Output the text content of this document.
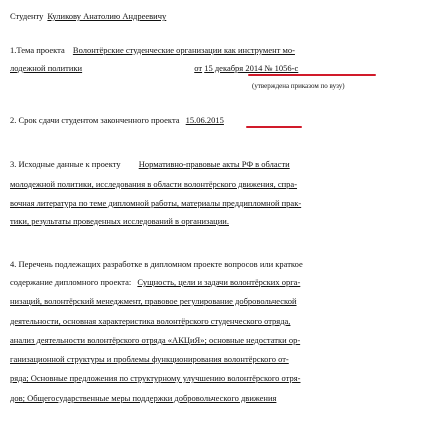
Студенту Куликову Анатолию Андреевичу
1.Тема проекта Волонтёрские студенческие организации как инструмент мо-
лодежной политики	от 15 декабря 2014 № 1056-с
(утверждена приказом по вузу)
2. Срок сдачи студентом законченного проекта 15.06.2015
3. Исходные данные к проекту Нормативно-правовые акты РФ в области
молодежной политики, исследования в области волонтёрского движения, спра-
вочная литература по теме дипломной работы, материалы преддипломной прак-
тики, результаты проведенных исследований в организации.
4. Перечень подлежащих разработке в дипломном проекте вопросов или краткое
содержание дипломного проекта: Сущность, цели и задачи волонтёрских орга-
низаций, волонтёрский менеджмент, правовое регулирование добровольческой
деятельности, основная характеристика волонтёрского студенческого отряда,
анализ деятельности волонтёрского отряда «АКЦиЯ»; основные недостатки ор-
ганизационной структуры и проблемы функционирования волонтёрского от-
ряда; Основные предложения по структурному улучшению волонтёрского отря-
дов; Общегосударственные меры поддержки добровольческого движения
